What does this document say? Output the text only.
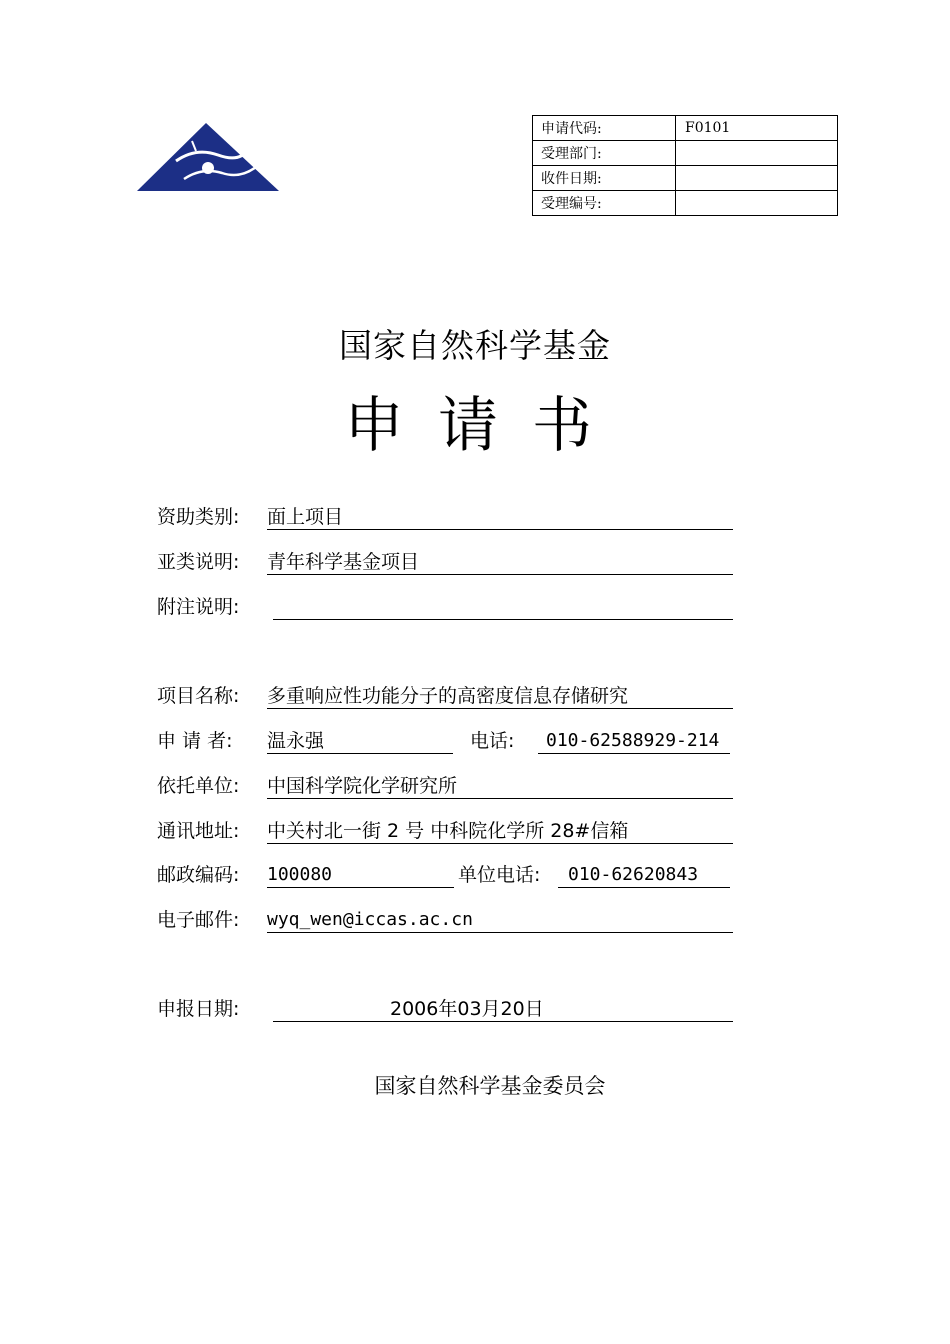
申请代码:	F0101
受理部门:	
收件日期:	
受理编号:	
国家自然科学基金
申请书
资助类别: 面上项目
亚类说明: 青年科学基金项目
附注说明:
项目名称: 多重响应性功能分子的高密度信息存储研究
申 请 者: 温永强	电话:	010-62588929-214
依托单位: 中国科学院化学研究所
通讯地址: 中关村北一街 2 号 中科院化学所 28#信箱
邮政编码: 100080	单位电话:	010-62620843
电子邮件: wyq_wen@iccas.ac.cn
申报日期:	2006年03月20日
国家自然科学基金委员会
